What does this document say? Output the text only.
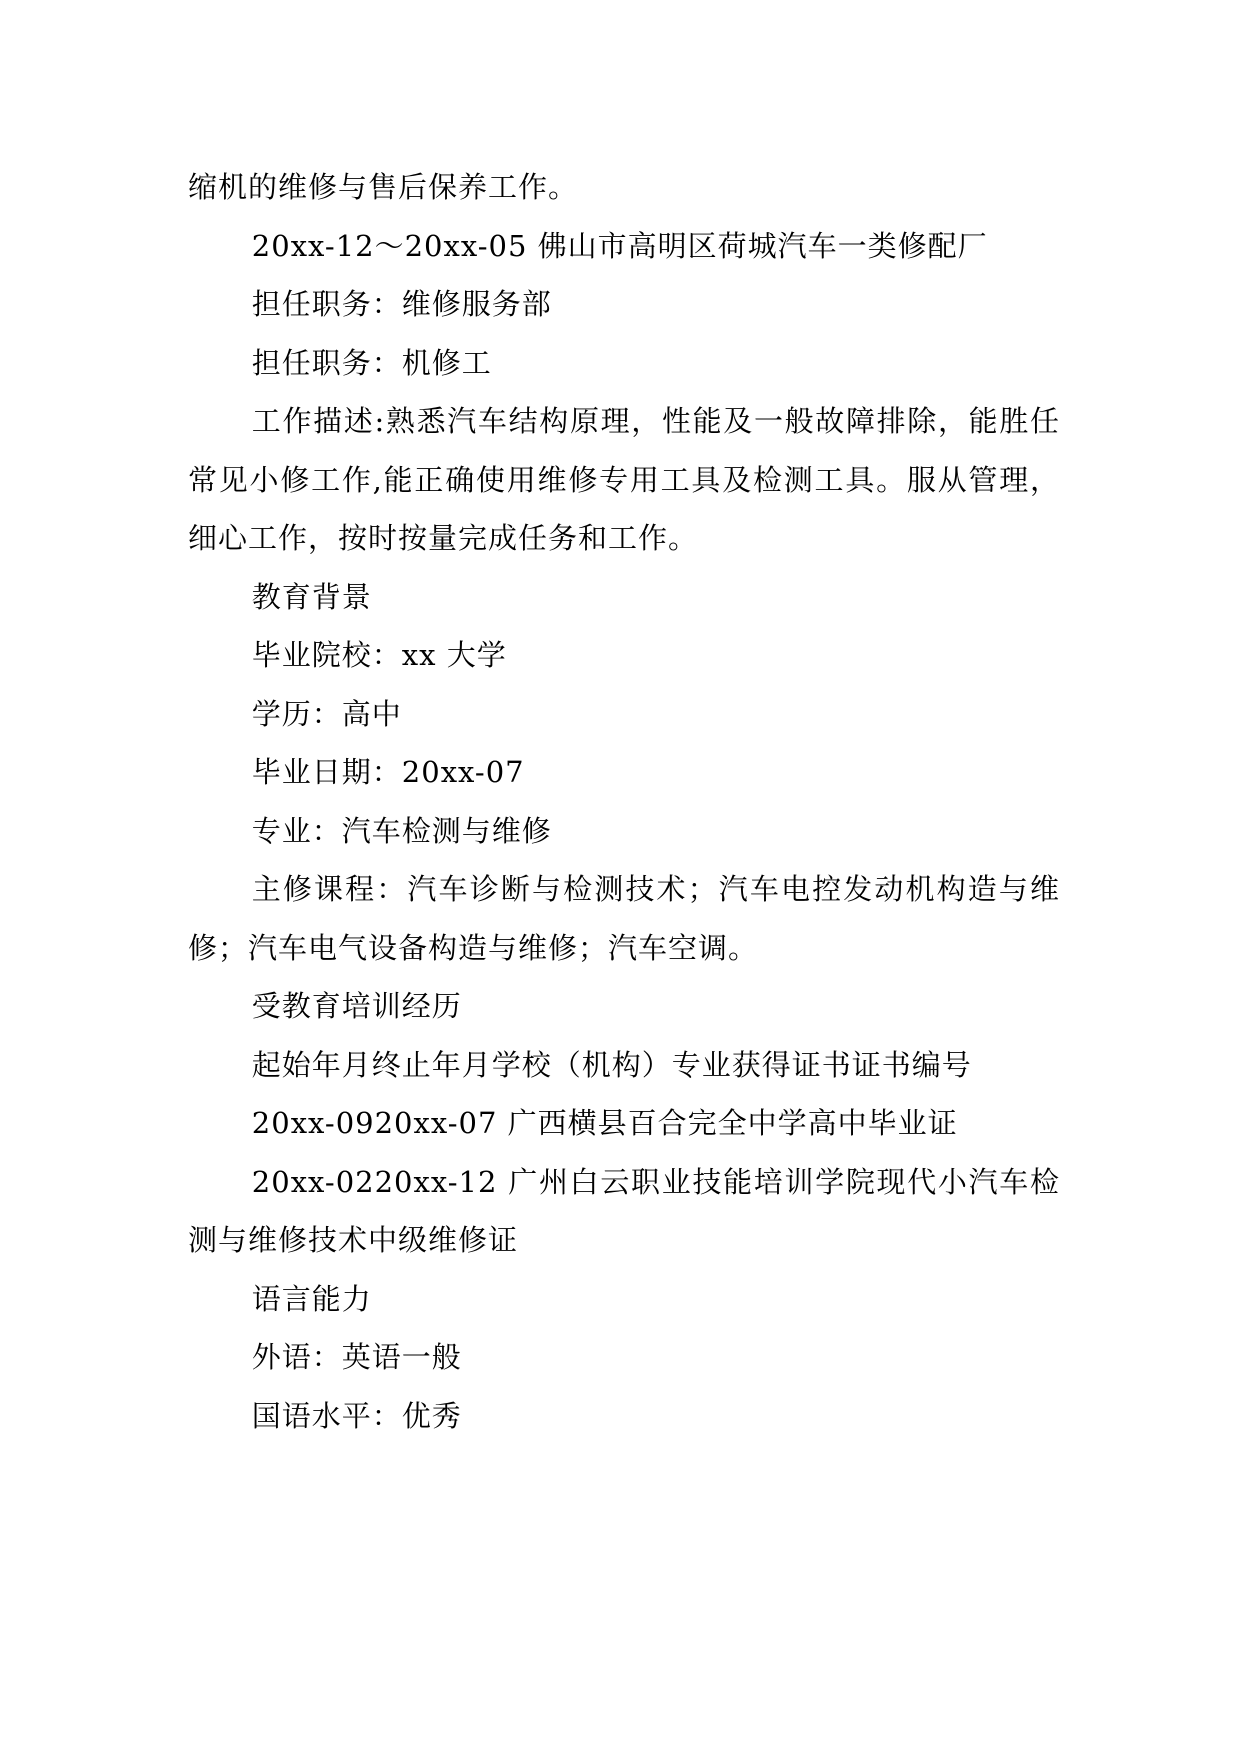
缩机的维修与售后保养工作。

20xx-12～20xx-05 佛山市高明区荷城汽车一类修配厂

担任职务：维修服务部

担任职务：机修工

工作描述:熟悉汽车结构原理，性能及一般故障排除，能胜任常见小修工作,能正确使用维修专用工具及检测工具。服从管理，细心工作，按时按量完成任务和工作。

教育背景

毕业院校：xx 大学

学历：高中

毕业日期：20xx-07

专业：汽车检测与维修

主修课程：汽车诊断与检测技术；汽车电控发动机构造与维修；汽车电气设备构造与维修；汽车空调。

受教育培训经历

起始年月终止年月学校（机构）专业获得证书证书编号

20xx-0920xx-07 广西横县百合完全中学高中毕业证

20xx-0220xx-12 广州白云职业技能培训学院现代小汽车检测与维修技术中级维修证

语言能力

外语：英语一般

国语水平：优秀
